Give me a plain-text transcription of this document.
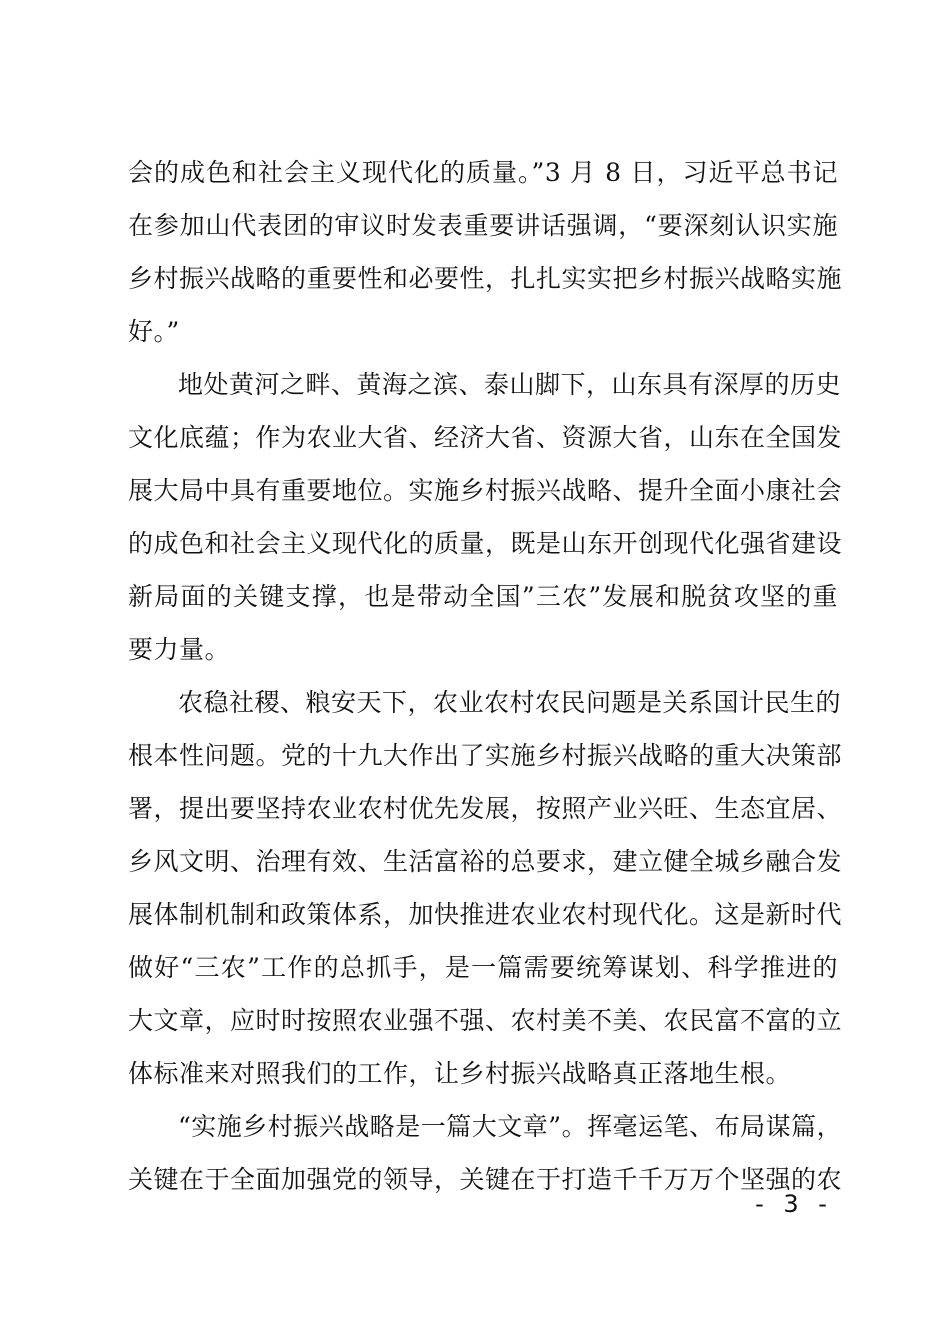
会的成色和社会主义现代化的质量。”3 月 8 日，习近平总书记
在参加山代表团的审议时发表重要讲话强调，“要深刻认识实施
乡村振兴战略的重要性和必要性，扎扎实实把乡村振兴战略实施
好。”
地处黄河之畔、黄海之滨、泰山脚下，山东具有深厚的历史
文化底蕴；作为农业大省、经济大省、资源大省，山东在全国发
展大局中具有重要地位。实施乡村振兴战略、提升全面小康社会
的成色和社会主义现代化的质量，既是山东开创现代化强省建设
新局面的关键支撑，也是带动全国”三农”发展和脱贫攻坚的重
要力量。
农稳社稷、粮安天下，农业农村农民问题是关系国计民生的
根本性问题。党的十九大作出了实施乡村振兴战略的重大决策部
署，提出要坚持农业农村优先发展，按照产业兴旺、生态宜居、
乡风文明、治理有效、生活富裕的总要求，建立健全城乡融合发
展体制机制和政策体系，加快推进农业农村现代化。这是新时代
做好“三农”工作的总抓手，是一篇需要统筹谋划、科学推进的
大文章，应时时按照农业强不强、农村美不美、农民富不富的立
体标准来对照我们的工作，让乡村振兴战略真正落地生根。
“实施乡村振兴战略是一篇大文章”。挥毫运笔、布局谋篇，
关键在于全面加强党的领导，关键在于打造千千万万个坚强的农
- 3 -
